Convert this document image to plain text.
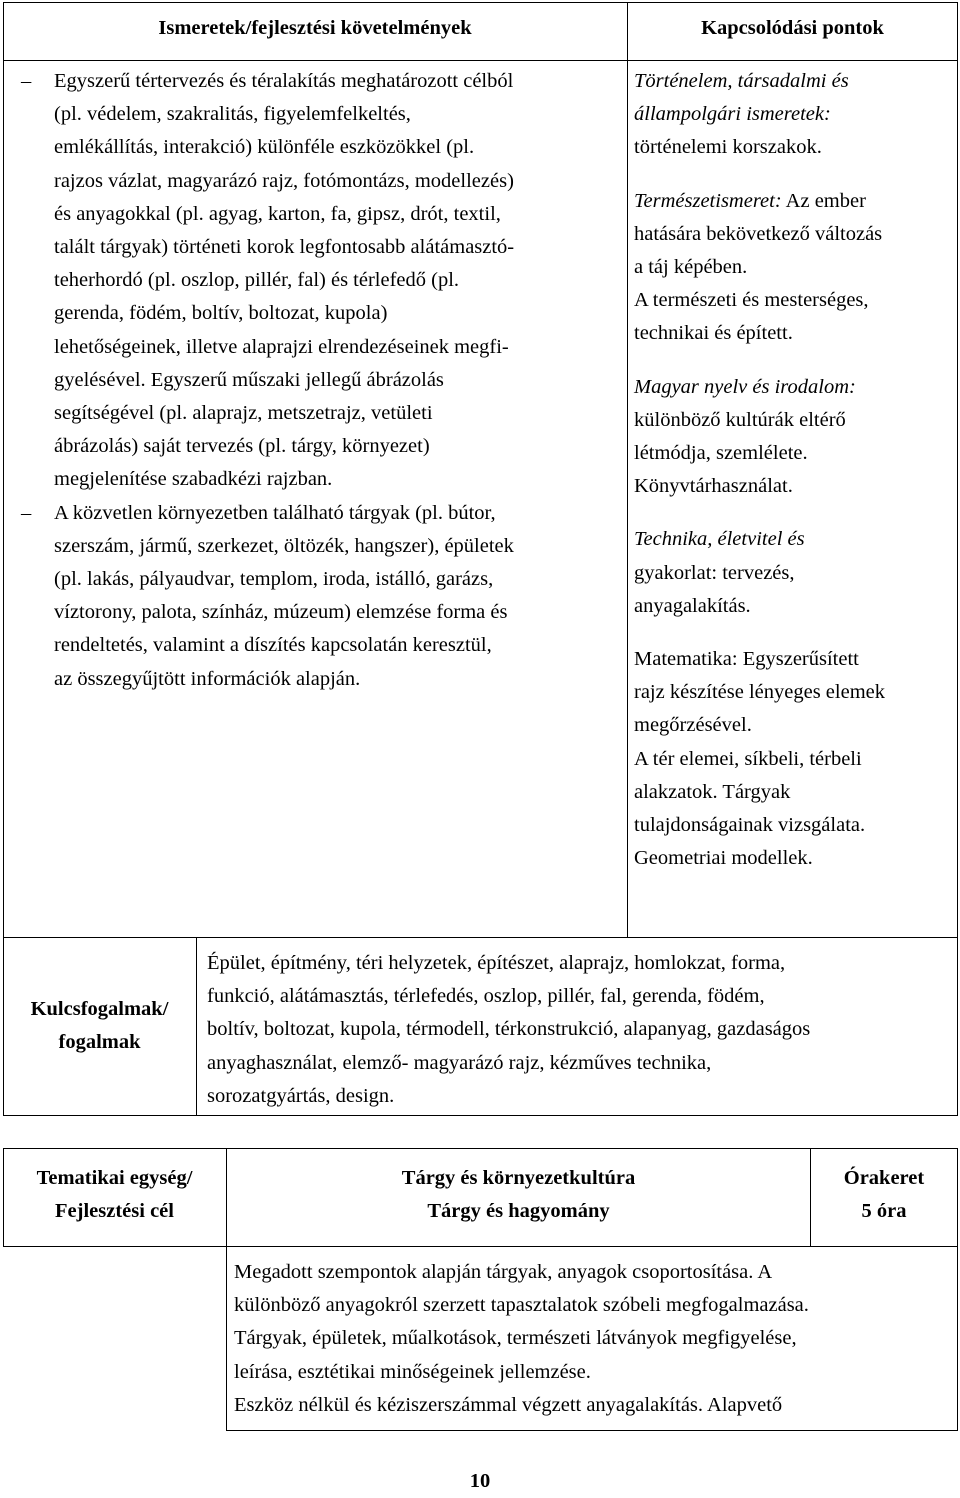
Ismeretek/fejlesztési követelmények	Kapcsolódási pontok
– Egyszerű tértervezés és téralakítás meghatározott célból
(pl. védelem, szakralitás, figyelemfelkeltés,
emlékállítás, interakció) különféle eszközökkel (pl.
rajzos vázlat, magyarázó rajz, fotómontázs, modellezés)
és anyagokkal (pl. agyag, karton, fa, gipsz, drót, textil,
talált tárgyak) történeti korok legfontosabb alátámasztó-
teherhordó (pl. oszlop, pillér, fal) és térlefedő (pl.
gerenda, födém, boltív, boltozat, kupola)
lehetőségeinek, illetve alaprajzi elrendezéseinek megfi-
gyelésével. Egyszerű műszaki jellegű ábrázolás
segítségével (pl. alaprajz, metszetrajz, vetületi
ábrázolás) saját tervezés (pl. tárgy, környezet)
megjelenítése szabadkézi rajzban.
– A közvetlen környezetben található tárgyak (pl. bútor,
szerszám, jármű, szerkezet, öltözék, hangszer), épületek
(pl. lakás, pályaudvar, templom, iroda, istálló, garázs,
víztorony, palota, színház, múzeum) elemzése forma és
rendeltetés, valamint a díszítés kapcsolatán keresztül,
az összegyűjtött információk alapján.
Történelem, társadalmi és
állampolgári ismeretek:
történelemi korszakok.
Természetismeret: Az ember
hatására bekövetkező változás
a táj képében.
A természeti és mesterséges,
technikai és épített.
Magyar nyelv és irodalom:
különböző kultúrák eltérő
létmódja, szemlélete.
Könyvtárhasználat.
Technika, életvitel és
gyakorlat: tervezés,
anyagalakítás.
Matematika: Egyszerűsített
rajz készítése lényeges elemek
megőrzésével.
A tér elemei, síkbeli, térbeli
alakzatok. Tárgyak
tulajdonságainak vizsgálata.
Geometriai modellek.
Kulcsfogalmak/
fogalmak
Épület, építmény, téri helyzetek, építészet, alaprajz, homlokzat, forma,
funkció, alátámasztás, térlefedés, oszlop, pillér, fal, gerenda, födém,
boltív, boltozat, kupola, térmodell, térkonstrukció, alapanyag, gazdaságos
anyaghasználat, elemző- magyarázó rajz, kézműves technika,
sorozatgyártás, design.
Tematikai egység/
Fejlesztési cél
Tárgy és környezetkultúra
Tárgy és hagyomány
Órakeret
5 óra
Megadott szempontok alapján tárgyak, anyagok csoportosítása. A
különböző anyagokról szerzett tapasztalatok szóbeli megfogalmazása.
Tárgyak, épületek, műalkotások, természeti látványok megfigyelése,
leírása, esztétikai minőségeinek jellemzése.
Eszköz nélkül és kéziszerszámmal végzett anyagalakítás. Alapvető
10
